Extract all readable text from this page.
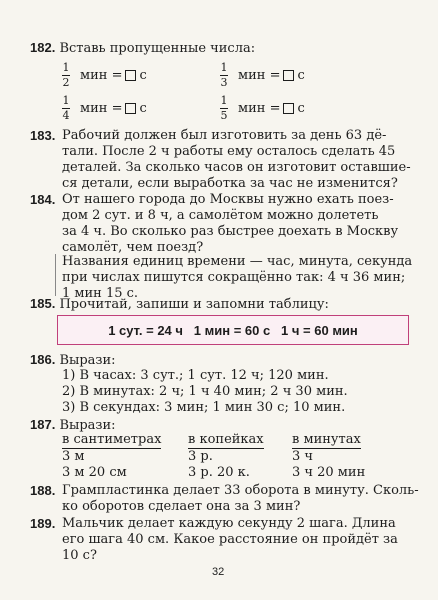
182. Вставь пропущенные числа:
1
2 мин = с
1
3 мин = с
1
4 мин = с
1
5 мин = с
183. Рабочий должен был изготовить за день 63 дё-
тали. После 2 ч работы ему осталось сделать 45
деталей. За сколько часов он изготовит оставшие-
ся детали, если выработка за час не изменится?
184. От нашего города до Москвы нужно ехать поез-
дом 2 сут. и 8 ч, а самолётом можно долететь
за 4 ч. Во сколько раз быстрее доехать в Москву
самолёт, чем поезд?
Названия единиц времени — час, минута, секунда
при числах пишутся сокращённо так: 4 ч 36 мин;
1 мин 15 с.
185. Прочитай, запиши и запомни таблицу:
1 сут. = 24 ч   1 мин = 60 с   1 ч = 60 мин
186. Вырази:
1) В часах: 3 сут.; 1 сут. 12 ч; 120 мин.
2) В минутах: 2 ч; 1 ч 40 мин; 2 ч 30 мин.
3) В секундах: 3 мин; 1 мин 30 с; 10 мин.
187. Вырази:
в сантиметрах в копейках в минутах
3 м
3 м 20 см
3 р.
3 р. 20 к.
3 ч
3 ч 20 мин
188. Грампластинка делает 33 оборота в минуту. Сколь-
ко оборотов сделает она за 3 мин?
189. Мальчик делает каждую секунду 2 шага. Длина
его шага 40 см. Какое расстояние он пройдёт за
10 с?
32
